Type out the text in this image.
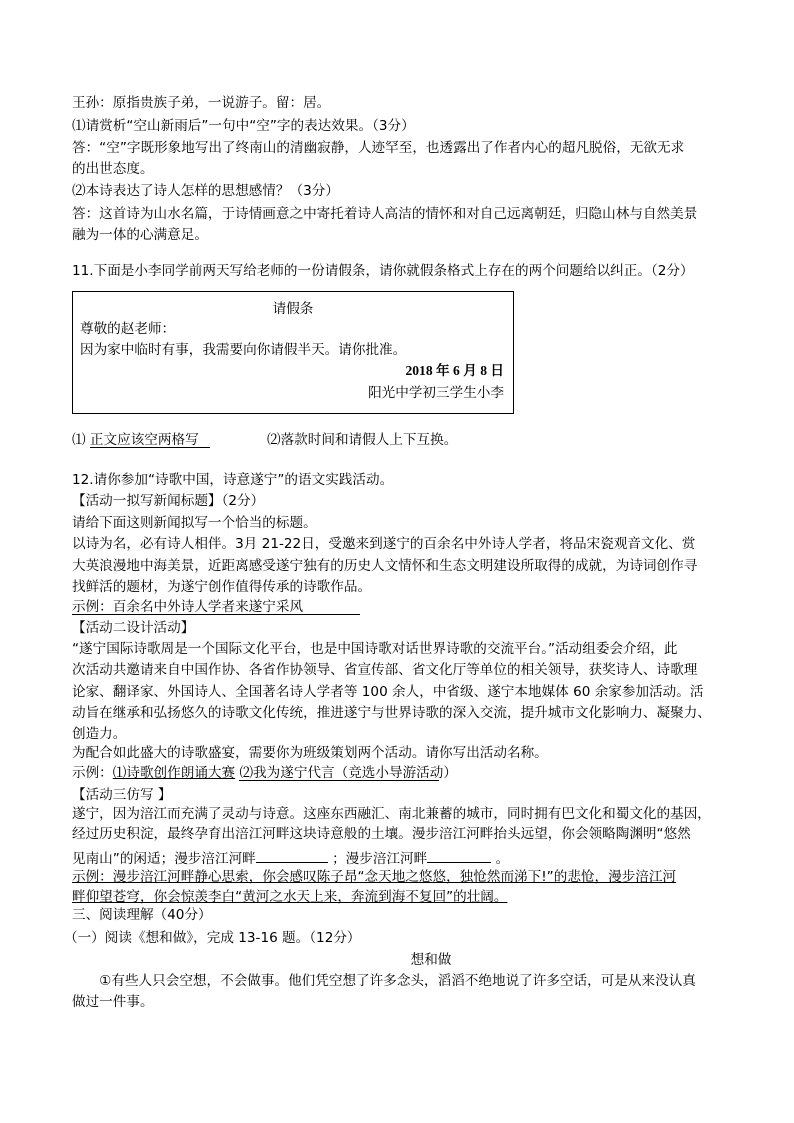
王孙：原指贵族子弟，一说游子。留：居。
⑴请赏析“空山新雨后”一句中“空”字的表达效果。（3分）
答：“空”字既形象地写出了终南山的清幽寂静，人迹罕至，也透露出了作者内心的超凡脱俗，无欲无求
的出世态度。
⑵本诗表达了诗人怎样的思想感情？（3分）
答：这首诗为山水名篇，于诗情画意之中寄托着诗人高洁的情怀和对自己远离朝廷，归隐山林与自然美景
融为一体的心满意足。
11.下面是小李同学前两天写给老师的一份请假条，请你就假条格式上存在的两个问题给以纠正。（2分）
请假条
尊敬的赵老师：
因为家中临时有事，我需要向你请假半天。请你批准。
2018 年 6 月 8 日
阳光中学初三学生小李
⑴ 正文应该空两格写	⑵落款时间和请假人上下互换。
12.请你参加“诗歌中国，诗意遂宁”的语文实践活动。
【活动一拟写新闻标题】（2分）
请给下面这则新闻拟写一个恰当的标题。
以诗为名，必有诗人相伴。3月 21-22日，受邀来到遂宁的百余名中外诗人学者，将品宋瓷观音文化、赏
大英浪漫地中海美景，近距离感受遂宁独有的历史人文情怀和生态文明建设所取得的成就，为诗词创作寻
找鲜活的题材，为遂宁创作值得传承的诗歌作品。
示例：百余名中外诗人学者来遂宁采风
【活动二设计活动】
“遂宁国际诗歌周是一个国际文化平台，也是中国诗歌对话世界诗歌的交流平台。”活动组委会介绍，此
次活动共邀请来自中国作协、各省作协领导、省宣传部、省文化厅等单位的相关领导，获奖诗人、诗歌理
论家、翻译家、外国诗人、全国著名诗人学者等 100 余人，中省级、遂宁本地媒体 60 余家参加活动。活
动旨在继承和弘扬悠久的诗歌文化传统，推进遂宁与世界诗歌的深入交流，提升城市文化影响力、凝聚力、
创造力。
为配合如此盛大的诗歌盛宴，需要你为班级策划两个活动。请你写出活动名称。
示例：⑴诗歌创作朗诵大赛 ⑵我为遂宁代言（竞选小导游活动）
【活动三仿写 】
遂宁，因为涪江而充满了灵动与诗意。这座东西融汇、南北兼蓄的城市，同时拥有巴文化和蜀文化的基因，
经过历史积淀，最终孕育出涪江河畔这块诗意般的土壤。漫步涪江河畔抬头远望，你会领略陶渊明“悠然
见南山”的闲适；漫步涪江河畔	；漫步涪江河畔	。
示例：漫步涪江河畔静心思索，你会感叹陈子昂“念天地之悠悠，独怆然而涕下!”的悲怆，漫步涪江河
畔仰望苍穹，你会惊羡李白“黄河之水天上来，奔流到海不复回”的壮阔。
三、阅读理解（40分）
（一）阅读《想和做》，完成 13-16 题。（12分）
想和做
　　①有些人只会空想，不会做事。他们凭空想了许多念头，滔滔不绝地说了许多空话，可是从来没认真
做过一件事。
